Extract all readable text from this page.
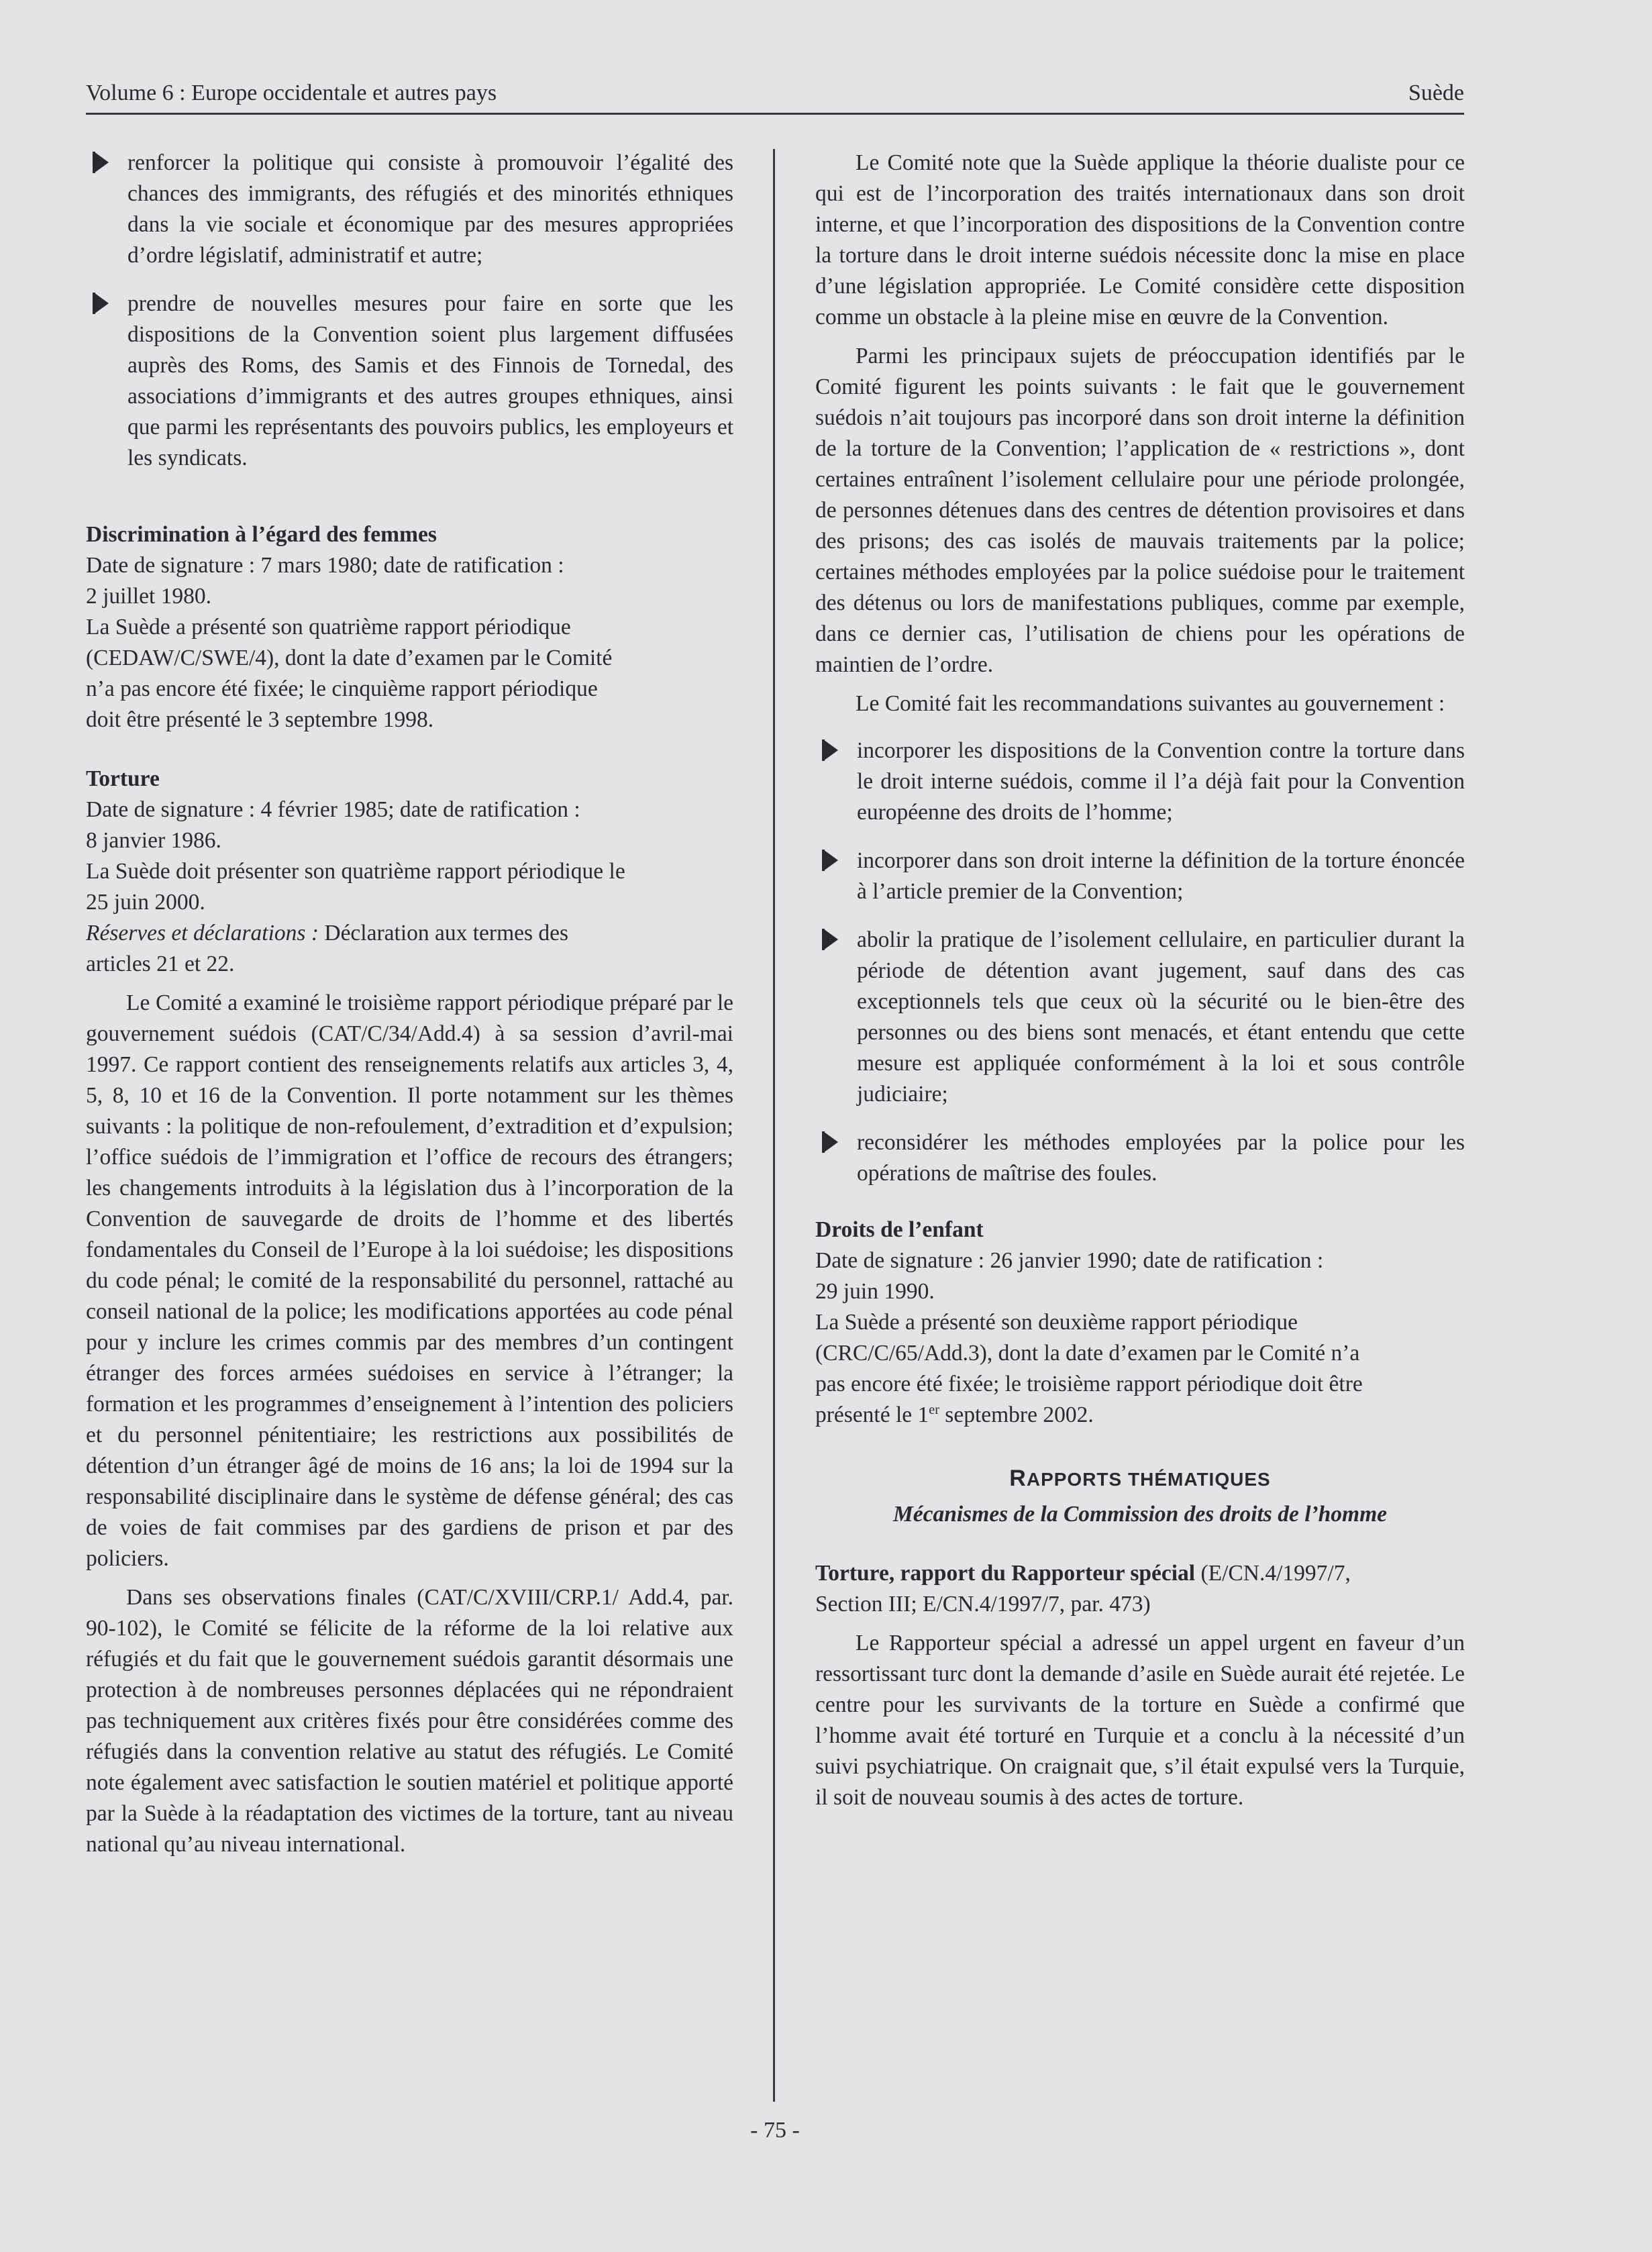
Volume 6 : Europe occidentale et autres pays	Suède
renforcer la politique qui consiste à promouvoir l’égalité des chances des immigrants, des réfugiés et des minorités ethniques dans la vie sociale et économique par des mesures appropriées d’ordre législatif, administratif et autre;
prendre de nouvelles mesures pour faire en sorte que les dispositions de la Convention soient plus largement diffusées auprès des Roms, des Samis et des Finnois de Tornedal, des associations d’immigrants et des autres groupes ethniques, ainsi que parmi les représentants des pouvoirs publics, les employeurs et les syndicats.
Discrimination à l’égard des femmes
Date de signature : 7 mars 1980; date de ratification :
2 juillet 1980.
La Suède a présenté son quatrième rapport périodique
(CEDAW/C/SWE/4), dont la date d’examen par le Comité
n’a pas encore été fixée; le cinquième rapport périodique
doit être présenté le 3 septembre 1998.
Torture
Date de signature : 4 février 1985; date de ratification :
8 janvier 1986.
La Suède doit présenter son quatrième rapport périodique le
25 juin 2000.
Réserves et déclarations : Déclaration aux termes des
articles 21 et 22.

Le Comité a examiné le troisième rapport périodique préparé par le gouvernement suédois (CAT/C/34/Add.4) à sa session d’avril-mai 1997. Ce rapport contient des renseignements relatifs aux articles 3, 4, 5, 8, 10 et 16 de la Convention. Il porte notamment sur les thèmes suivants : la politique de non-refoulement, d’extradition et d’expulsion; l’office suédois de l’immigration et l’office de recours des étrangers; les changements introduits à la législation dus à l’incorporation de la Convention de sauvegarde de droits de l’homme et des libertés fondamentales du Conseil de l’Europe à la loi suédoise; les dispositions du code pénal; le comité de la responsabilité du personnel, rattaché au conseil national de la police; les modifications apportées au code pénal pour y inclure les crimes commis par des membres d’un contingent étranger des forces armées suédoises en service à l’étranger; la formation et les programmes d’enseignement à l’intention des policiers et du personnel pénitentiaire; les restrictions aux possibilités de détention d’un étranger âgé de moins de 16 ans; la loi de 1994 sur la responsabilité disciplinaire dans le système de défense général; des cas de voies de fait commises par des gardiens de prison et par des policiers.

Dans ses observations finales (CAT/C/XVIII/CRP.1/ Add.4, par. 90-102), le Comité se félicite de la réforme de la loi relative aux réfugiés et du fait que le gouvernement suédois garantit désormais une protection à de nombreuses personnes déplacées qui ne répondraient pas techniquement aux critères fixés pour être considérées comme des réfugiés dans la convention relative au statut des réfugiés. Le Comité note également avec satisfaction le soutien matériel et politique apporté par la Suède à la réadaptation des victimes de la torture, tant au niveau national qu’au niveau international.

Le Comité note que la Suède applique la théorie dualiste pour ce qui est de l’incorporation des traités internationaux dans son droit interne, et que l’incorporation des dispositions de la Convention contre la torture dans le droit interne suédois nécessite donc la mise en place d’une législation appropriée. Le Comité considère cette disposition comme un obstacle à la pleine mise en œuvre de la Convention.

Parmi les principaux sujets de préoccupation identifiés par le Comité figurent les points suivants : le fait que le gouvernement suédois n’ait toujours pas incorporé dans son droit interne la définition de la torture de la Convention; l’application de « restrictions », dont certaines entraînent l’isolement cellulaire pour une période prolongée, de personnes détenues dans des centres de détention provisoires et dans des prisons; des cas isolés de mauvais traitements par la police; certaines méthodes employées par la police suédoise pour le traitement des détenus ou lors de manifestations publiques, comme par exemple, dans ce dernier cas, l’utilisation de chiens pour les opérations de maintien de l’ordre.

Le Comité fait les recommandations suivantes au gouvernement :

incorporer les dispositions de la Convention contre la torture dans le droit interne suédois, comme il l’a déjà fait pour la Convention européenne des droits de l’homme;
incorporer dans son droit interne la définition de la torture énoncée à l’article premier de la Convention;
abolir la pratique de l’isolement cellulaire, en particulier durant la période de détention avant jugement, sauf dans des cas exceptionnels tels que ceux où la sécurité ou le bien-être des personnes ou des biens sont menacés, et étant entendu que cette mesure est appliquée conformément à la loi et sous contrôle judiciaire;
reconsidérer les méthodes employées par la police pour les opérations de maîtrise des foules.
Droits de l’enfant
Date de signature : 26 janvier 1990; date de ratification :
29 juin 1990.
La Suède a présenté son deuxième rapport périodique
(CRC/C/65/Add.3), dont la date d’examen par le Comité n’a
pas encore été fixée; le troisième rapport périodique doit être
présenté le 1er septembre 2002.
RAPPORTS THÉMATIQUES
Mécanismes de la Commission des droits de l’homme
Torture, rapport du Rapporteur spécial (E/CN.4/1997/7,
Section III; E/CN.4/1997/7, par. 473)

Le Rapporteur spécial a adressé un appel urgent en faveur d’un ressortissant turc dont la demande d’asile en Suède aurait été rejetée. Le centre pour les survivants de la torture en Suède a confirmé que l’homme avait été torturé en Turquie et a conclu à la nécessité d’un suivi psychiatrique. On craignait que, s’il était expulsé vers la Turquie, il soit de nouveau soumis à des actes de torture.

- 75 -
